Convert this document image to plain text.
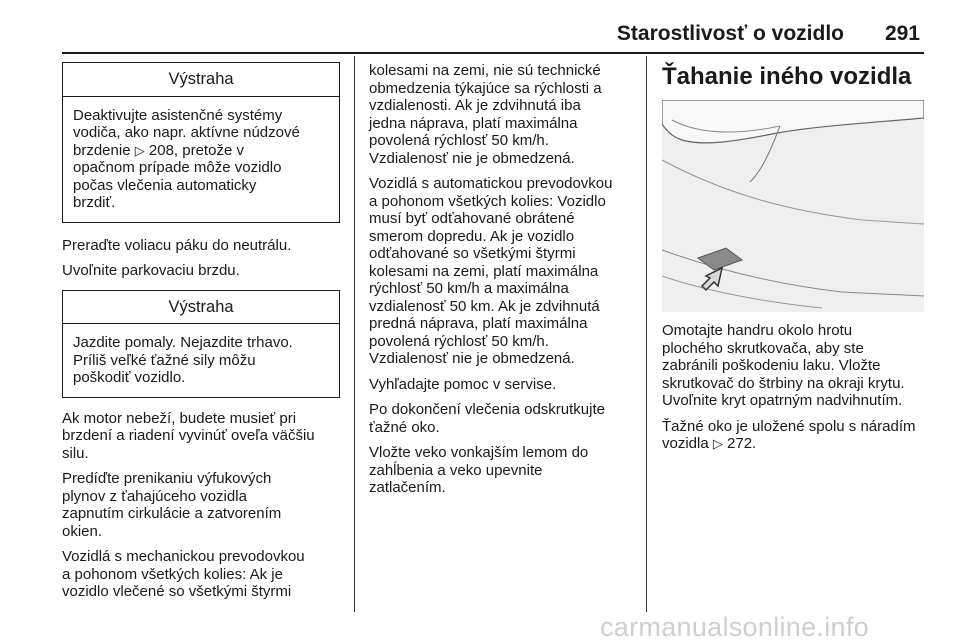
Starostlivosť o vozidlo 291
Výstraha
Deaktivujte asistenčné systémy
vodiča, ako napr. aktívne núdzové
brzdenie ▷ 208, pretože v
opačnom prípade môže vozidlo
počas vlečenia automaticky
brzdiť.

Preraďte voliacu páku do neutrálu.

Uvoľnite parkovaciu brzdu.

Výstraha
Jazdite pomaly. Nejazdite trhavo.
Príliš veľké ťažné sily môžu
poškodiť vozidlo.
Ak motor nebeží, budete musieť pri
brzdení a riadení vyvinúť oveľa väčšiu
silu.
Predíďte prenikaniu výfukových
plynov z ťahajúceho vozidla
zapnutím cirkulácie a zatvorením
okien.
Vozidlá s mechanickou prevodovkou
a pohonom všetkých kolies: Ak je
vozidlo vlečené so všetkými štyrmi
kolesami na zemi, nie sú technické
obmedzenia týkajúce sa rýchlosti a
vzdialenosti. Ak je zdvihnutá iba
jedna náprava, platí maximálna
povolená rýchlosť 50 km/h.
Vzdialenosť nie je obmedzená.
Vozidlá s automatickou prevodovkou
a pohonom všetkých kolies: Vozidlo
musí byť odťahované obrátené
smerom dopredu. Ak je vozidlo
odťahované so všetkými štyrmi
kolesami na zemi, platí maximálna
rýchlosť 50 km/h a maximálna
vzdialenosť 50 km. Ak je zdvihnutá
predná náprava, platí maximálna
povolená rýchlosť 50 km/h.
Vzdialenosť nie je obmedzená.

Vyhľadajte pomoc v servise.

Po dokončení vlečenia odskrutkujte
ťažné oko.
Vložte veko vonkajším lemom do
zahĺbenia a veko upevnite
zatlačením.
Ťahanie iného vozidla
Omotajte handru okolo hrotu
plochého skrutkovača, aby ste
zabránili poškodeniu laku. Vložte
skrutkovač do štrbiny na okraji krytu.
Uvoľnite kryt opatrným nadvihnutím.
Ťažné oko je uložené spolu s náradím
vozidla ▷ 272.
carmanualsonline.info
